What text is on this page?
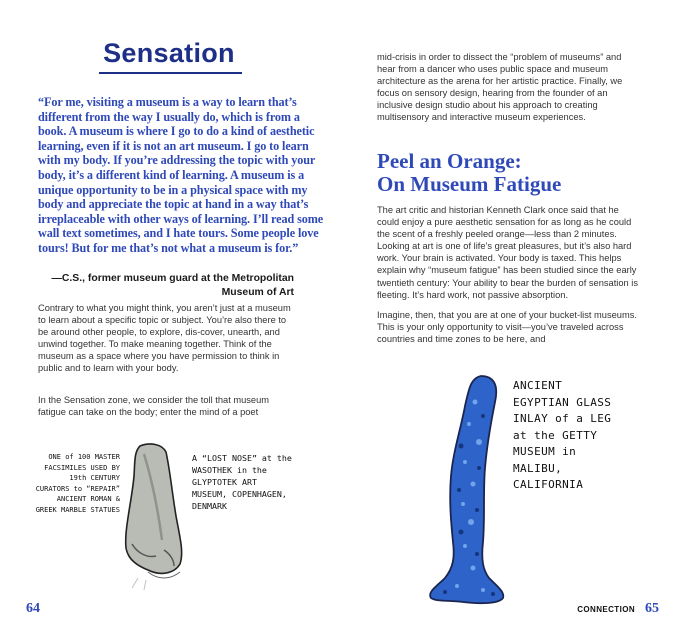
Sensation

“For me, visiting a museum is a way to learn that’s different from the way I usually do, which is from a book. A museum is where I go to do a kind of aesthetic learning, even if it is not an art museum. I go to learn with my body. If you’re addressing the topic with your body, it’s a different kind of learning. A museum is a unique opportunity to be in a physical space with my body and appreciate the topic at hand in a way that’s irreplaceable with other ways of learning. I’ll read some wall text sometimes, and I hate tours. Some people love tours! But for me that’s not what a museum is for.”

—C.S., former museum guard at the Metropolitan Museum of Art

Contrary to what you might think, you aren’t just at a museum to learn about a specific topic or subject. You’re also there to be around other people, to explore, dis-cover, unearth, and unwind together. To make meaning together. Think of the museum as a space where you have permission to think in public and to learn with your body.

In the Sensation zone, we consider the toll that museum fatigue can take on the body; enter the mind of a poet

ONE of 100 MASTER FACSIMILES USED BY 19th CENTURY CURATORS to “REPAIR” ANCIENT ROMAN & GREEK MARBLE STATUES

A “LOST NOSE” at the WASOTHEK in the GLYPTOTEK ART MUSEUM, COPENHAGEN, DENMARK

64

mid-crisis in order to dissect the “problem of museums” and hear from a dancer who uses public space and museum architecture as the arena for her artistic practice. Finally, we focus on sensory design, hearing from the founder of an inclusive design studio about his approach to creating multisensory and interactive museum experiences.

Peel an Orange:
On Museum Fatigue

The art critic and historian Kenneth Clark once said that he could enjoy a pure aesthetic sensation for as long as he could the scent of a freshly peeled orange—less than 2 minutes. Looking at art is one of life’s great pleasures, but it’s also hard work. Your brain is activated. Your body is taxed. This helps explain why “museum fatigue” has been studied since the early twentieth century: Your ability to bear the burden of sensation is fleeting. It’s hard work, not passive absorption.

Imagine, then, that you are at one of your bucket-list museums. This is your only opportunity to visit—you’ve traveled across countries and time zones to be here, and

ANCIENT EGYPTIAN GLASS INLAY of a LEG at the GETTY MUSEUM in MALIBU, CALIFORNIA

CONNECTION 65
